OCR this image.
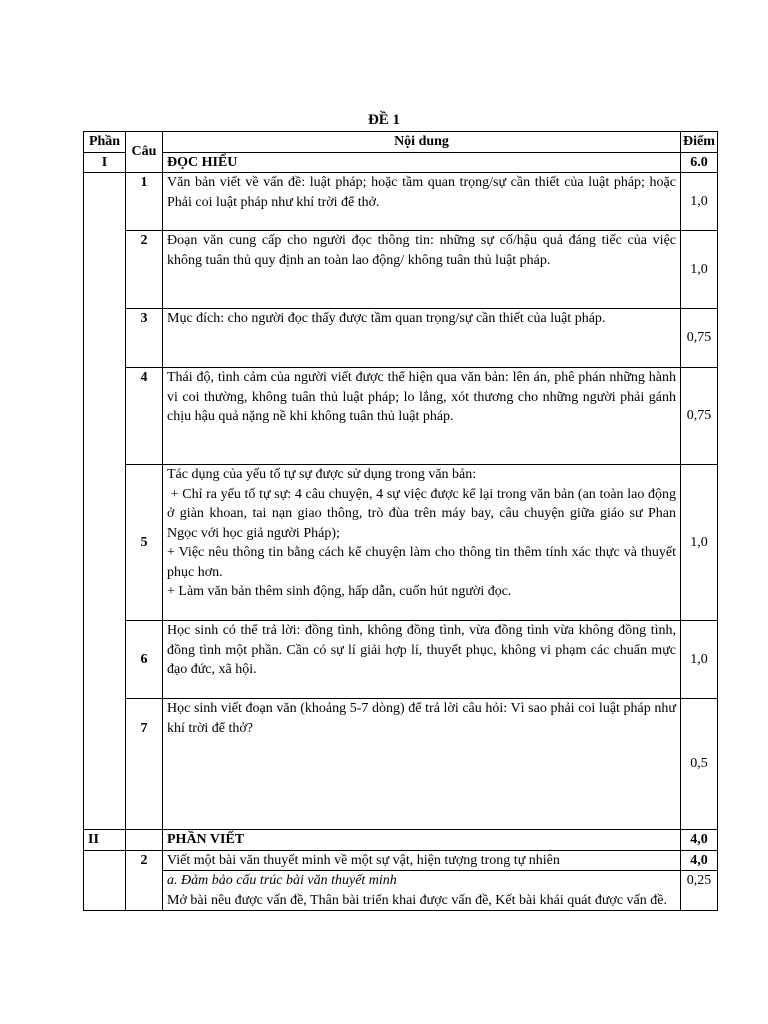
ĐỀ 1
Phần	Câu	Nội dung	Điểm
I		ĐỌC HIỂU	6.0
	1	Văn bản viết về vấn đề: luật pháp; hoặc tầm quan trọng/sự cần thiết của luật pháp; hoặc Phải coi luật pháp như khí trời để thở.	1,0
	2	Đoạn văn cung cấp cho người đọc thông tin: những sự cố/hậu quả đáng tiếc của việc không tuân thủ quy định an toàn lao động/ không tuân thủ luật pháp.	1,0
	3	Mục đích: cho người đọc thấy được tầm quan trọng/sự cần thiết của luật pháp.	0,75
	4	Thái độ, tình cảm của người viết được thể hiện qua văn bản: lên án, phê phán những hành vi coi thường, không tuân thủ luật pháp; lo lắng, xót thương cho những người phải gánh chịu hậu quả nặng nề khi không tuân thủ luật pháp.	0,75
	5	Tác dụng của yếu tố tự sự được sử dụng trong văn bản:
+ Chỉ ra yếu tố tự sự: 4 câu chuyện, 4 sự việc được kể lại trong văn bản (an toàn lao động ở giàn khoan, tai nạn giao thông, trò đùa trên máy bay, câu chuyện giữa giáo sư Phan Ngọc với học giả người Pháp);
+ Việc nêu thông tin bằng cách kể chuyện làm cho thông tin thêm tính xác thực và thuyết phục hơn.
+ Làm văn bản thêm sinh động, hấp dẫn, cuốn hút người đọc.	1,0
	6	Học sinh có thể trả lời: đồng tình, không đồng tình, vừa đồng tình vừa không đồng tình, đồng tình một phần. Cần có sự lí giải hợp lí, thuyết phục, không vi phạm các chuẩn mực đạo đức, xã hội.	1,0
	7	Học sinh viết đoạn văn (khoảng 5-7 dòng) để trả lời câu hỏi: Vì sao phải coi luật pháp như khí trời để thở?	0,5
II		PHẦN VIẾT	4,0
	2	Viết một bài văn thuyết minh về một sự vật, hiện tượng trong tự nhiên	4,0

		a. Đảm bảo cấu trúc bài văn thuyết minh
Mở bài nêu được vấn đề, Thân bài triển khai được vấn đề, Kết bài khái quát được vấn đề.	0,25
